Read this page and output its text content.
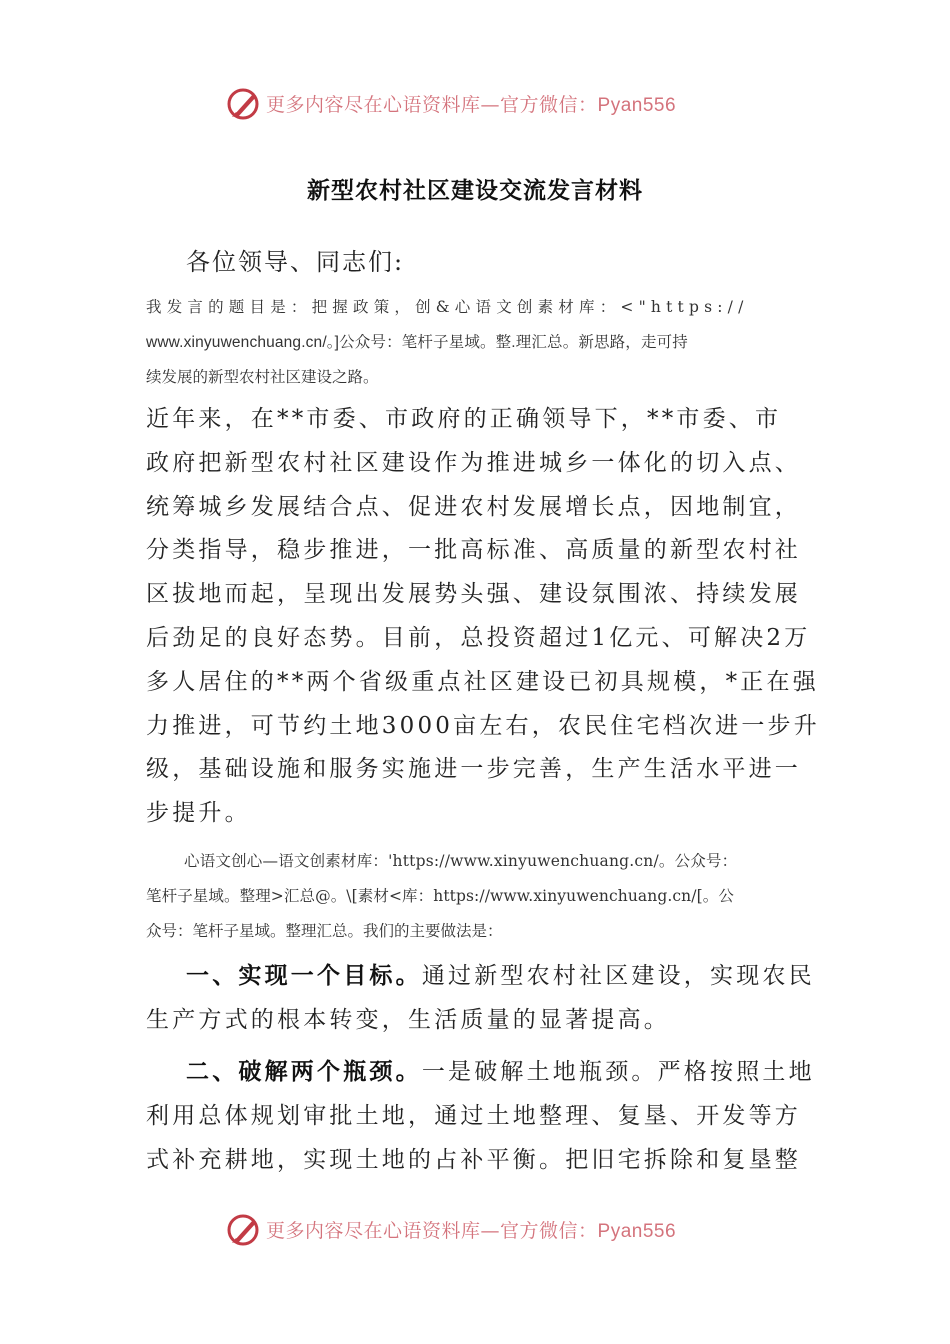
更多内容尽在心语资料库—官方微信：Pyan556
新型农村社区建设交流发言材料
各位领导、同志们:
我发言的题目是：把握政策，创&心语文创素材库：<"https://
www.xinyuwenchuang.cn/。]公众号：笔杆子星域。整.理汇总。新思路，走可持
续发展的新型农村社区建设之路。
近年来，在**市委、市政府的正确领导下，**市委、市
政府把新型农村社区建设作为推进城乡一体化的切入点、
统筹城乡发展结合点、促进农村发展增长点，因地制宜，
分类指导，稳步推进，一批高标准、高质量的新型农村社
区拔地而起，呈现出发展势头强、建设氛围浓、持续发展
后劲足的良好态势。目前，总投资超过1亿元、可解决2万
多人居住的**两个省级重点社区建设已初具规模，*正在强
力推进，可节约土地3000亩左右，农民住宅档次进一步升
级，基础设施和服务实施进一步完善，生产生活水平进一
步提升。
心语文创心—语文创素材库：'https://www.xinyuwenchuang.cn/。公众号：
笔杆子星域。整理>汇总@。\[素材<库：https://www.xinyuwenchuang.cn/[。公
众号：笔杆子星域。整理汇总。我们的主要做法是：
一、实现一个目标。通过新型农村社区建设，实现农民
生产方式的根本转变，生活质量的显著提高。
二、破解两个瓶颈。一是破解土地瓶颈。严格按照土地
利用总体规划审批土地，通过土地整理、复垦、开发等方
式补充耕地，实现土地的占补平衡。把旧宅拆除和复垦整
更多内容尽在心语资料库—官方微信：Pyan556
